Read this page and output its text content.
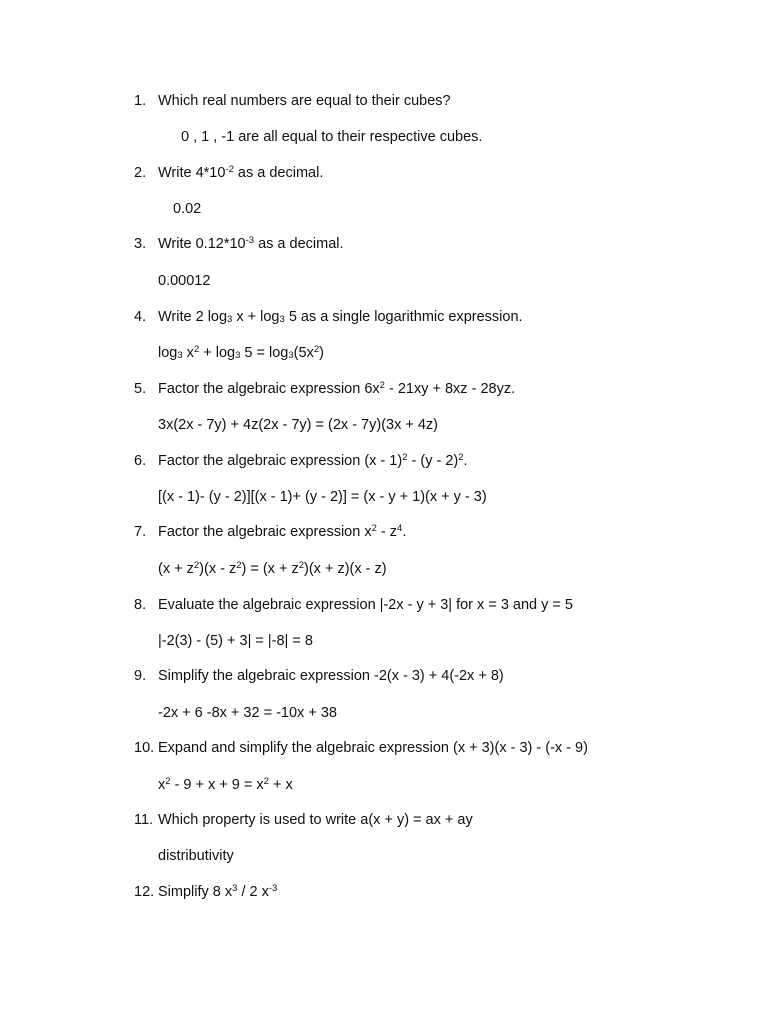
1. Which real numbers are equal to their cubes?
0 , 1 , -1 are all equal to their respective cubes.
2. Write $4*10^{-2}$ as a decimal.
0.02
3. Write $0.12*10^{-3}$ as a decimal.
0.00012
4. Write 2 $\log_3 x + \log_3 5$ as a single logarithmic expression.
$\log_3 x^2 + \log_3 5 = \log_3(5x^2)$
5. Factor the algebraic expression $6x^2 - 21xy + 8xz - 28yz$.
3x(2x - 7y) + 4z(2x - 7y) = (2x - 7y)(3x + 4z)
6. Factor the algebraic expression (x - 1)$^2$ - (y - 2)$^2$.
[(x - 1)- (y - 2)][(x - 1)+ (y - 2)] = (x - y + 1)(x + y - 3)
7. Factor the algebraic expression $x^2 - z^4$.
$(x + z^2)(x - z^2) = (x + z^2)(x + z)(x - z)$
8. Evaluate the algebraic expression |-2x - y + 3| for x = 3 and y = 5
|-2(3) - (5) + 3| = |-8| = 8
9. Simplify the algebraic expression -2(x - 3) + 4(-2x + 8)
-2x + 6 -8x + 32 = -10x + 38
10. Expand and simplify the algebraic expression (x + 3)(x - 3) - (-x - 9)
$x^2 - 9 + x + 9 = x^2 + x$
11. Which property is used to write a(x + y) = ax + ay
distributivity
12. Simplify 8 $x^3 / 2$ $x^{-3}$
